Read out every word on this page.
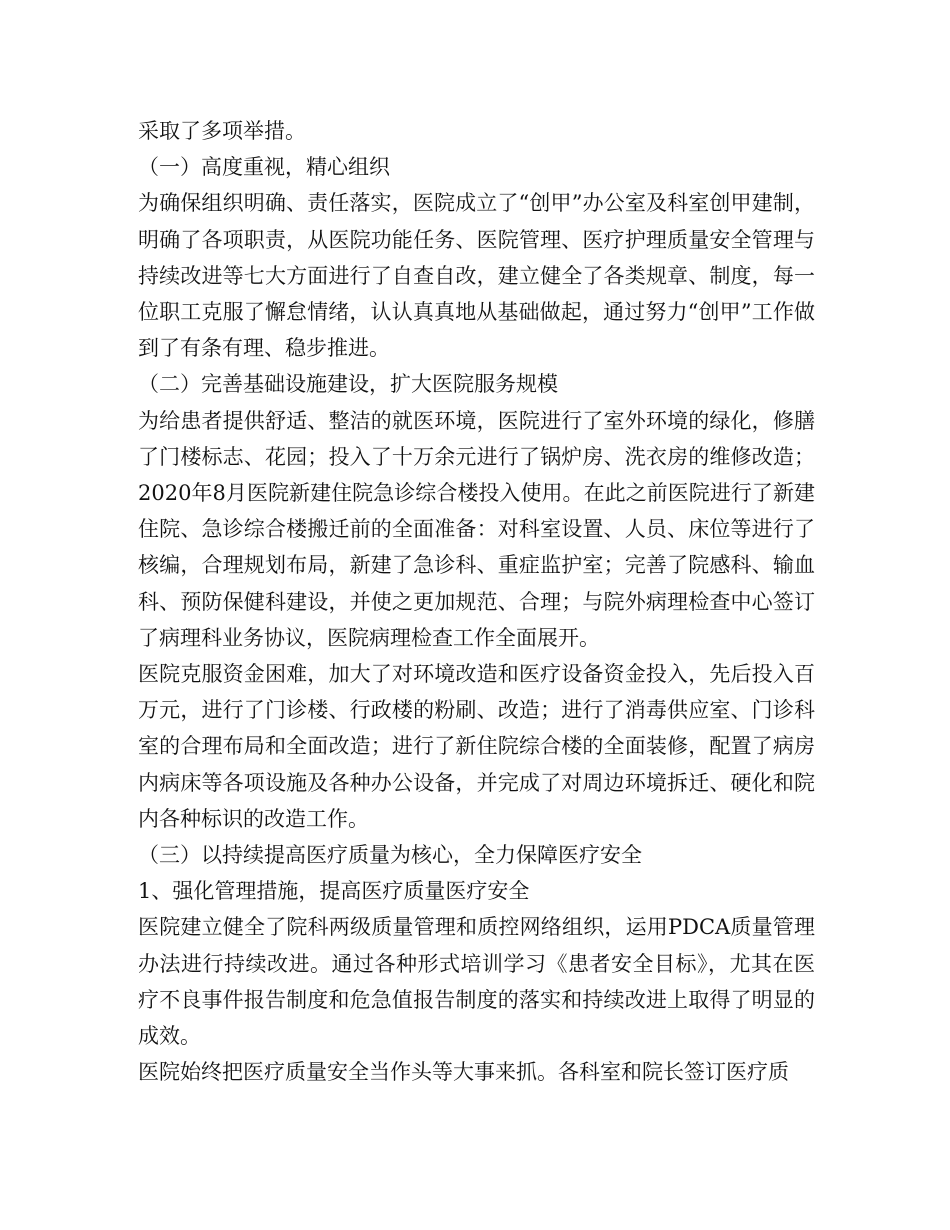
采取了多项举措。

（一）高度重视，精心组织

为确保组织明确、责任落实，医院成立了“创甲”办公室及科室创甲建制，明确了各项职责，从医院功能任务、医院管理、医疗护理质量安全管理与持续改进等七大方面进行了自查自改，建立健全了各类规章、制度，每一位职工克服了懈怠情绪，认认真真地从基础做起，通过努力“创甲”工作做到了有条有理、稳步推进。

（二）完善基础设施建设，扩大医院服务规模

为给患者提供舒适、整洁的就医环境，医院进行了室外环境的绿化，修膳了门楼标志、花园；投入了十万余元进行了锅炉房、洗衣房的维修改造；2020年8月医院新建住院急诊综合楼投入使用。在此之前医院进行了新建住院、急诊综合楼搬迁前的全面准备：对科室设置、人员、床位等进行了核编，合理规划布局，新建了急诊科、重症监护室；完善了院感科、输血科、预防保健科建设，并使之更加规范、合理；与院外病理检查中心签订了病理科业务协议，医院病理检查工作全面展开。

医院克服资金困难，加大了对环境改造和医疗设备资金投入，先后投入百万元，进行了门诊楼、行政楼的粉刷、改造；进行了消毒供应室、门诊科室的合理布局和全面改造；进行了新住院综合楼的全面装修，配置了病房内病床等各项设施及各种办公设备，并完成了对周边环境拆迁、硬化和院内各种标识的改造工作。

（三）以持续提高医疗质量为核心，全力保障医疗安全

1、强化管理措施，提高医疗质量医疗安全

医院建立健全了院科两级质量管理和质控网络组织，运用PDCA质量管理办法进行持续改进。通过各种形式培训学习《患者安全目标》，尤其在医疗不良事件报告制度和危急值报告制度的落实和持续改进上取得了明显的成效。

医院始终把医疗质量安全当作头等大事来抓。各科室和院长签订医疗质
